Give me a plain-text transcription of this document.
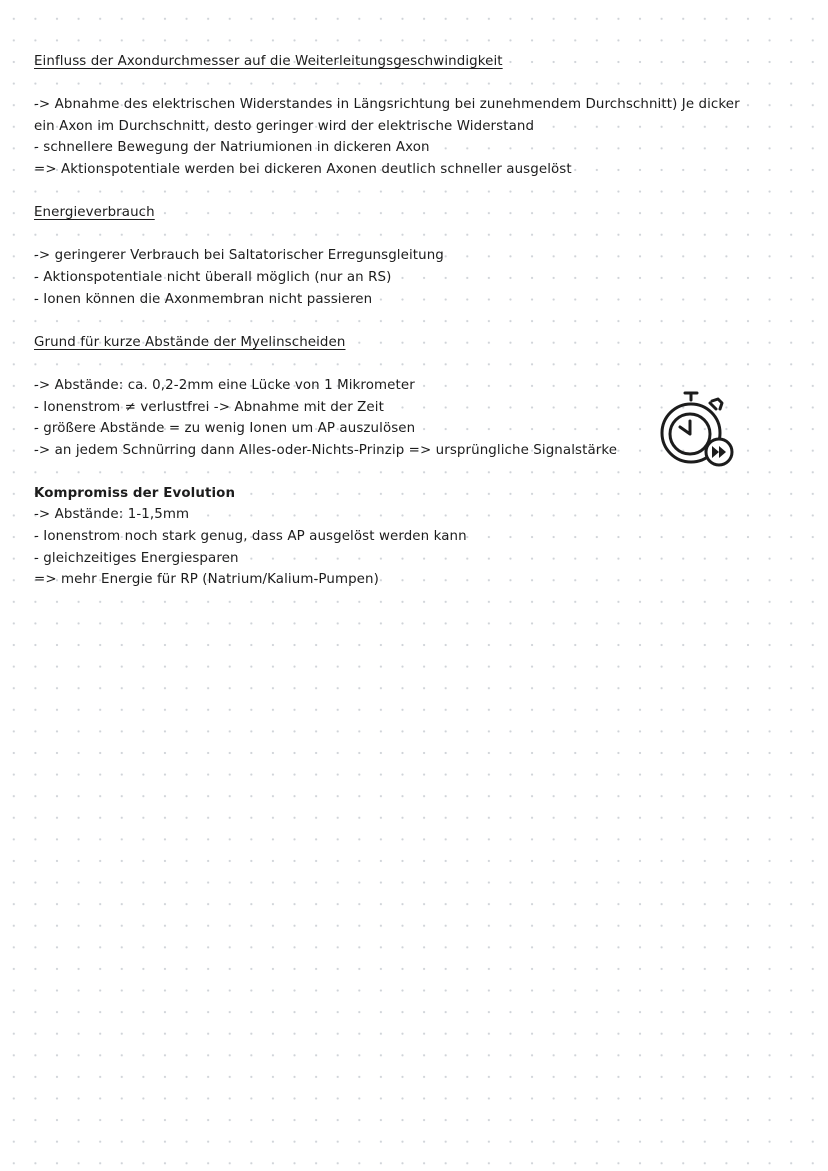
Einfluss der Axondurchmesser auf die Weiterleitungsgeschwindigkeit
-> Abnahme des elektrischen Widerstandes in Längsrichtung bei zunehmendem Durchschnitt) Je dicker
ein Axon im Durchschnitt, desto geringer wird der elektrische Widerstand
- schnellere Bewegung der Natriumionen in dickeren Axon
=> Aktionspotentiale werden bei dickeren Axonen deutlich schneller ausgelöst
Energieverbrauch
-> geringerer Verbrauch bei Saltatorischer Erregunsgleitung
- Aktionspotentiale nicht überall möglich (nur an RS)
- Ionen können die Axonmembran nicht passieren
Grund für kurze Abstände der Myelinscheiden
-> Abstände: ca. 0,2-2mm eine Lücke von 1 Mikrometer
- Ionenstrom ≠ verlustfrei -> Abnahme mit der Zeit
- größere Abstände = zu wenig Ionen um AP auszulösen
-> an jedem Schnürring dann Alles-oder-Nichts-Prinzip => ursprüngliche Signalstärke
Kompromiss der Evolution
-> Abstände: 1-1,5mm
- Ionenstrom noch stark genug, dass AP ausgelöst werden kann
- gleichzeitiges Energiesparen
=> mehr Energie für RP (Natrium/Kalium-Pumpen)
